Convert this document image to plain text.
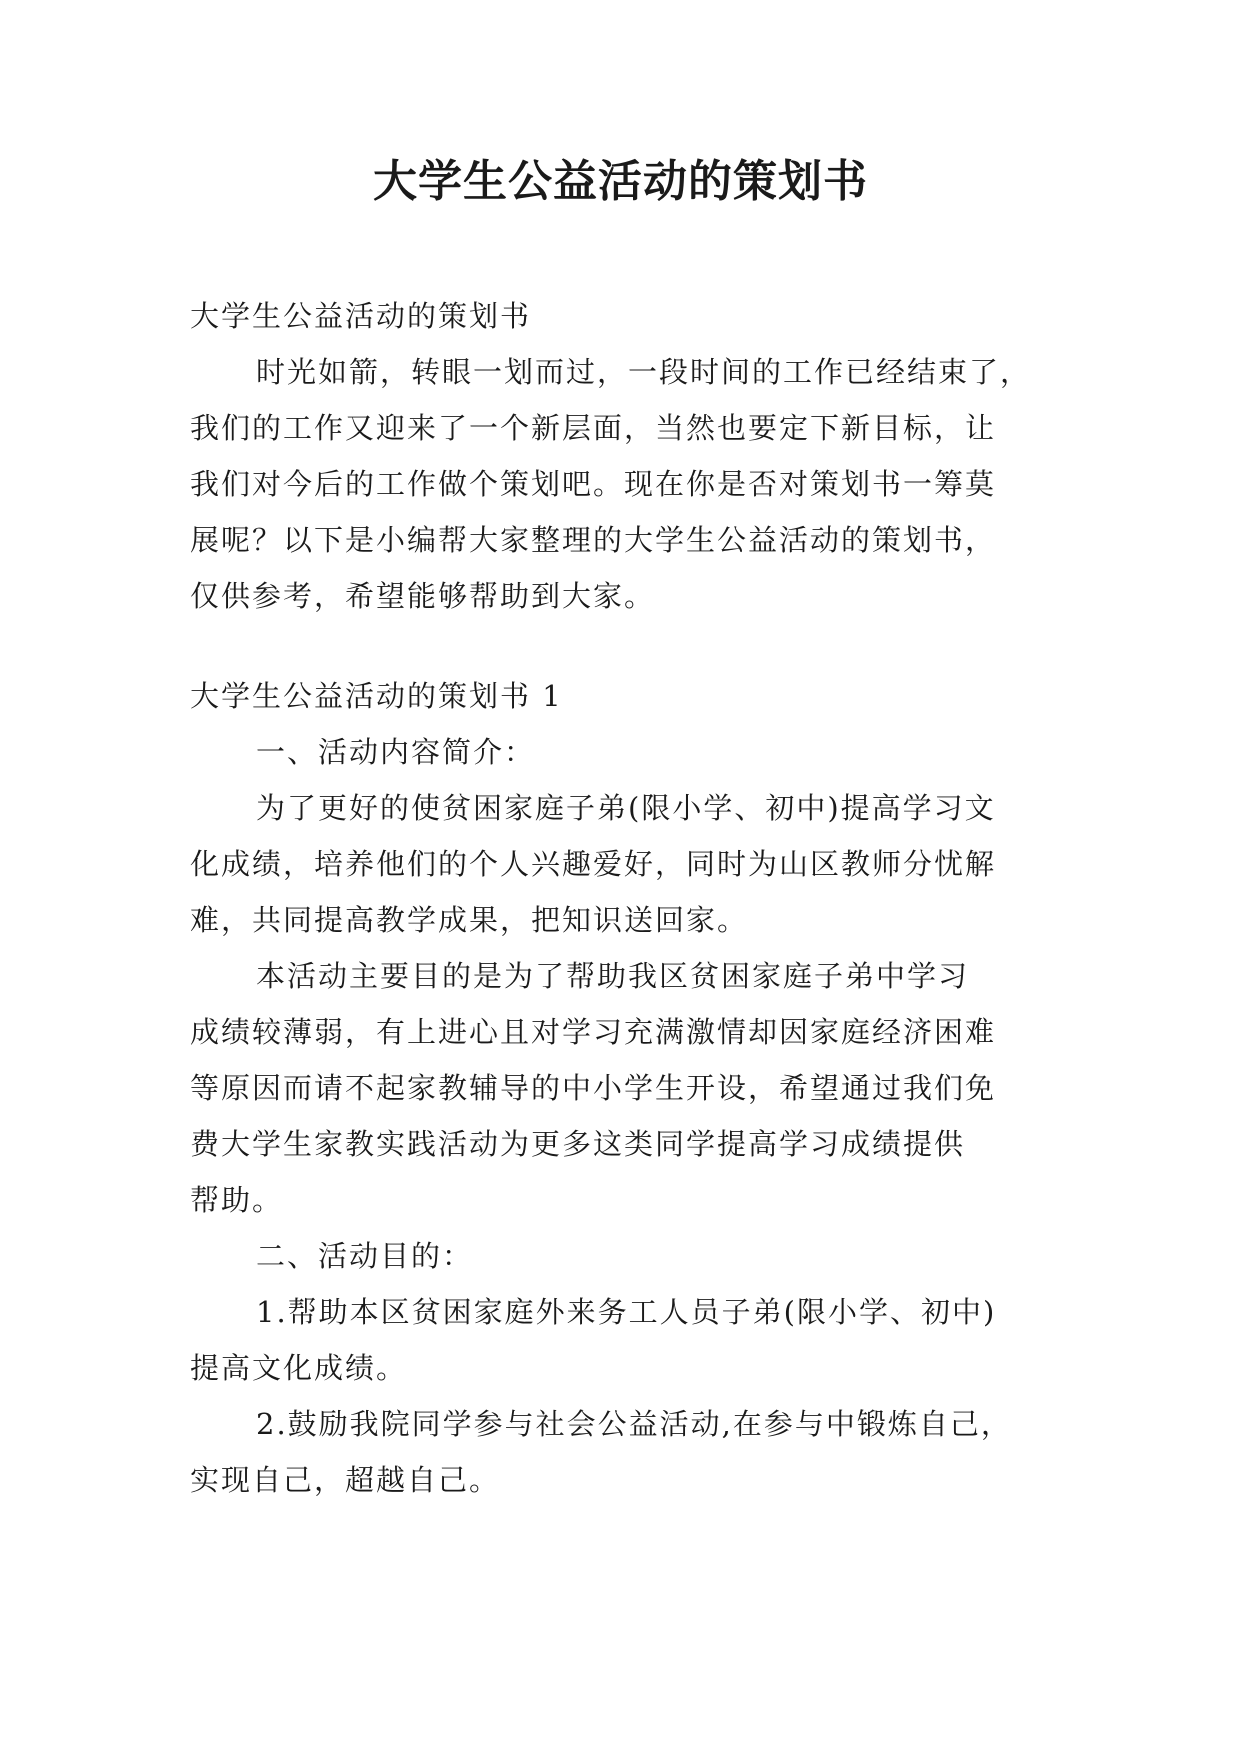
大学生公益活动的策划书

大学生公益活动的策划书

时光如箭，转眼一划而过，一段时间的工作已经结束了，

我们的工作又迎来了一个新层面，当然也要定下新目标，让

我们对今后的工作做个策划吧。现在你是否对策划书一筹莫

展呢？以下是小编帮大家整理的大学生公益活动的策划书，

仅供参考，希望能够帮助到大家。

大学生公益活动的策划书 1

一、活动内容简介：

为了更好的使贫困家庭子弟(限小学、初中)提高学习文

化成绩，培养他们的个人兴趣爱好，同时为山区教师分忧解

难，共同提高教学成果，把知识送回家。

本活动主要目的是为了帮助我区贫困家庭子弟中学习

成绩较薄弱，有上进心且对学习充满激情却因家庭经济困难

等原因而请不起家教辅导的中小学生开设，希望通过我们免

费大学生家教实践活动为更多这类同学提高学习成绩提供

帮助。

二、活动目的：

1.帮助本区贫困家庭外来务工人员子弟(限小学、初中)

提高文化成绩。

2.鼓励我院同学参与社会公益活动,在参与中锻炼自己，

实现自己，超越自己。
